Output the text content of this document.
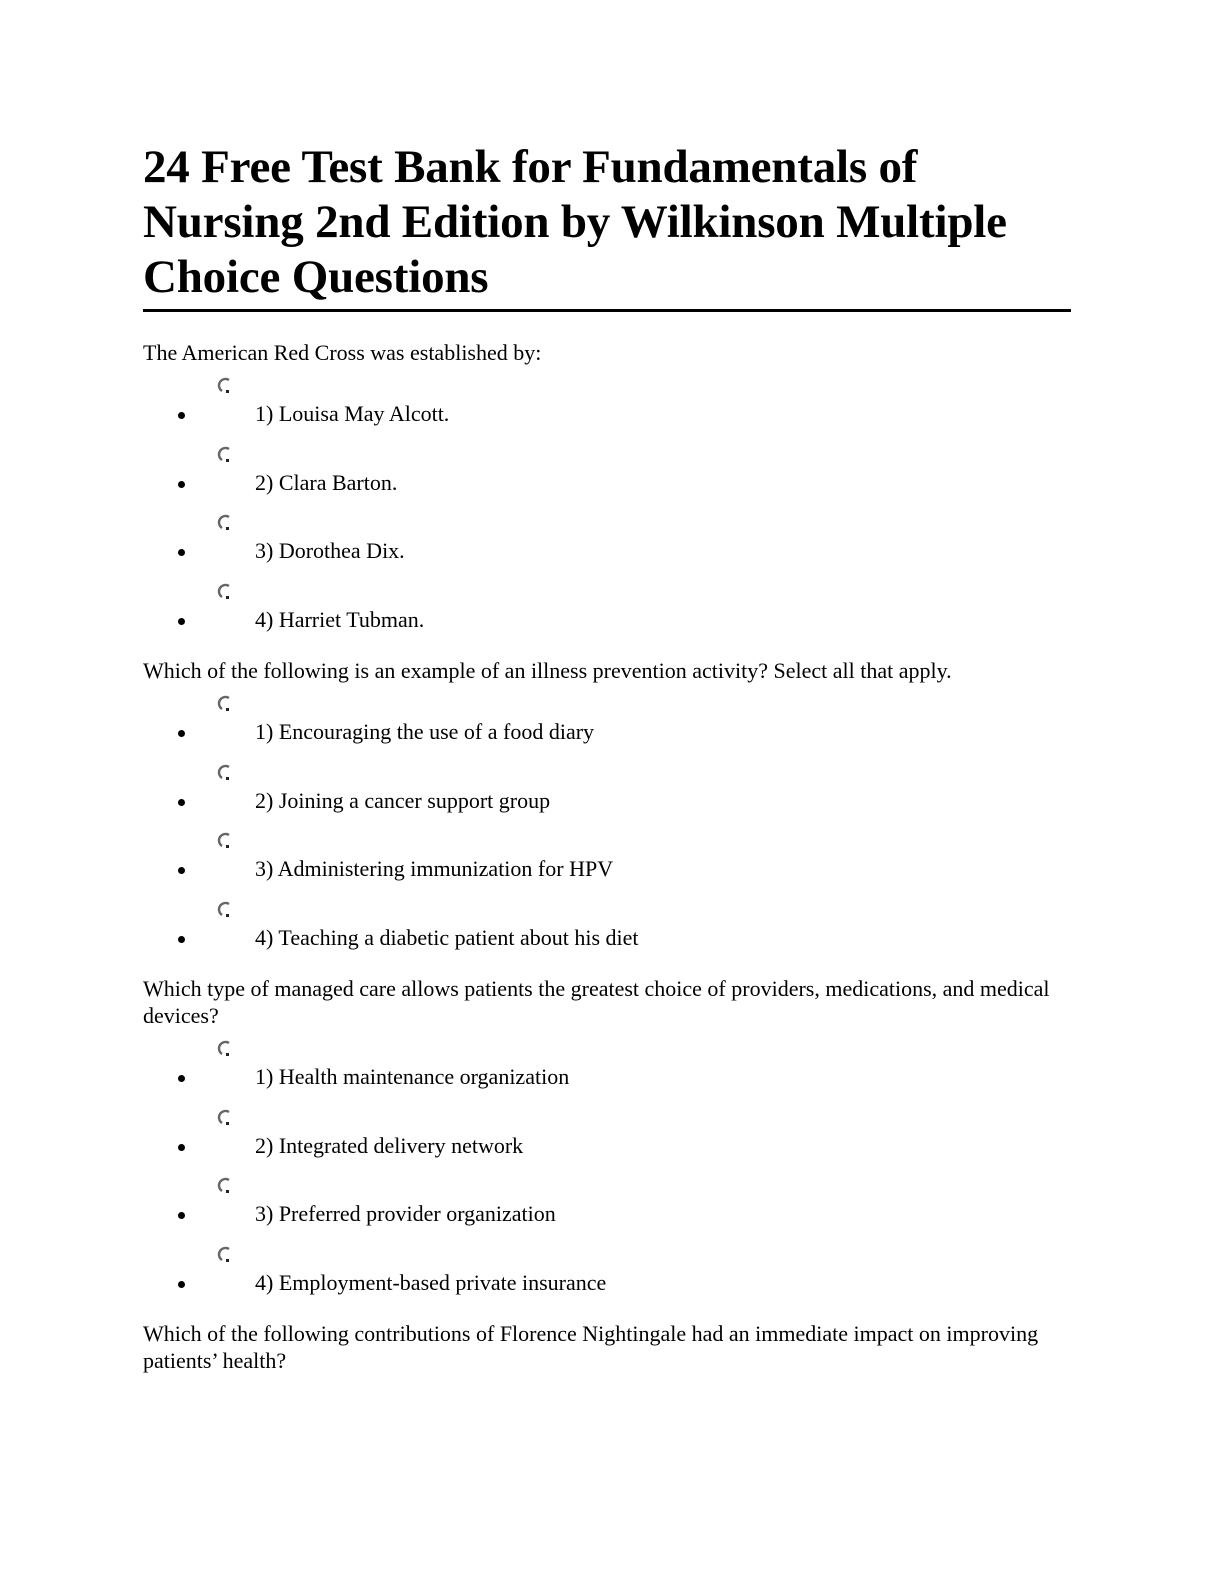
24 Free Test Bank for Fundamentals of Nursing 2nd Edition by Wilkinson Multiple Choice Questions

The American Red Cross was established by:

1) Louisa May Alcott.
2) Clara Barton.
3) Dorothea Dix.
4) Harriet Tubman.

Which of the following is an example of an illness prevention activity? Select all that apply.

1) Encouraging the use of a food diary
2) Joining a cancer support group
3) Administering immunization for HPV
4) Teaching a diabetic patient about his diet

Which type of managed care allows patients the greatest choice of providers, medications, and medical devices?

1) Health maintenance organization
2) Integrated delivery network
3) Preferred provider organization
4) Employment-based private insurance

Which of the following contributions of Florence Nightingale had an immediate impact on improving patients’ health?
